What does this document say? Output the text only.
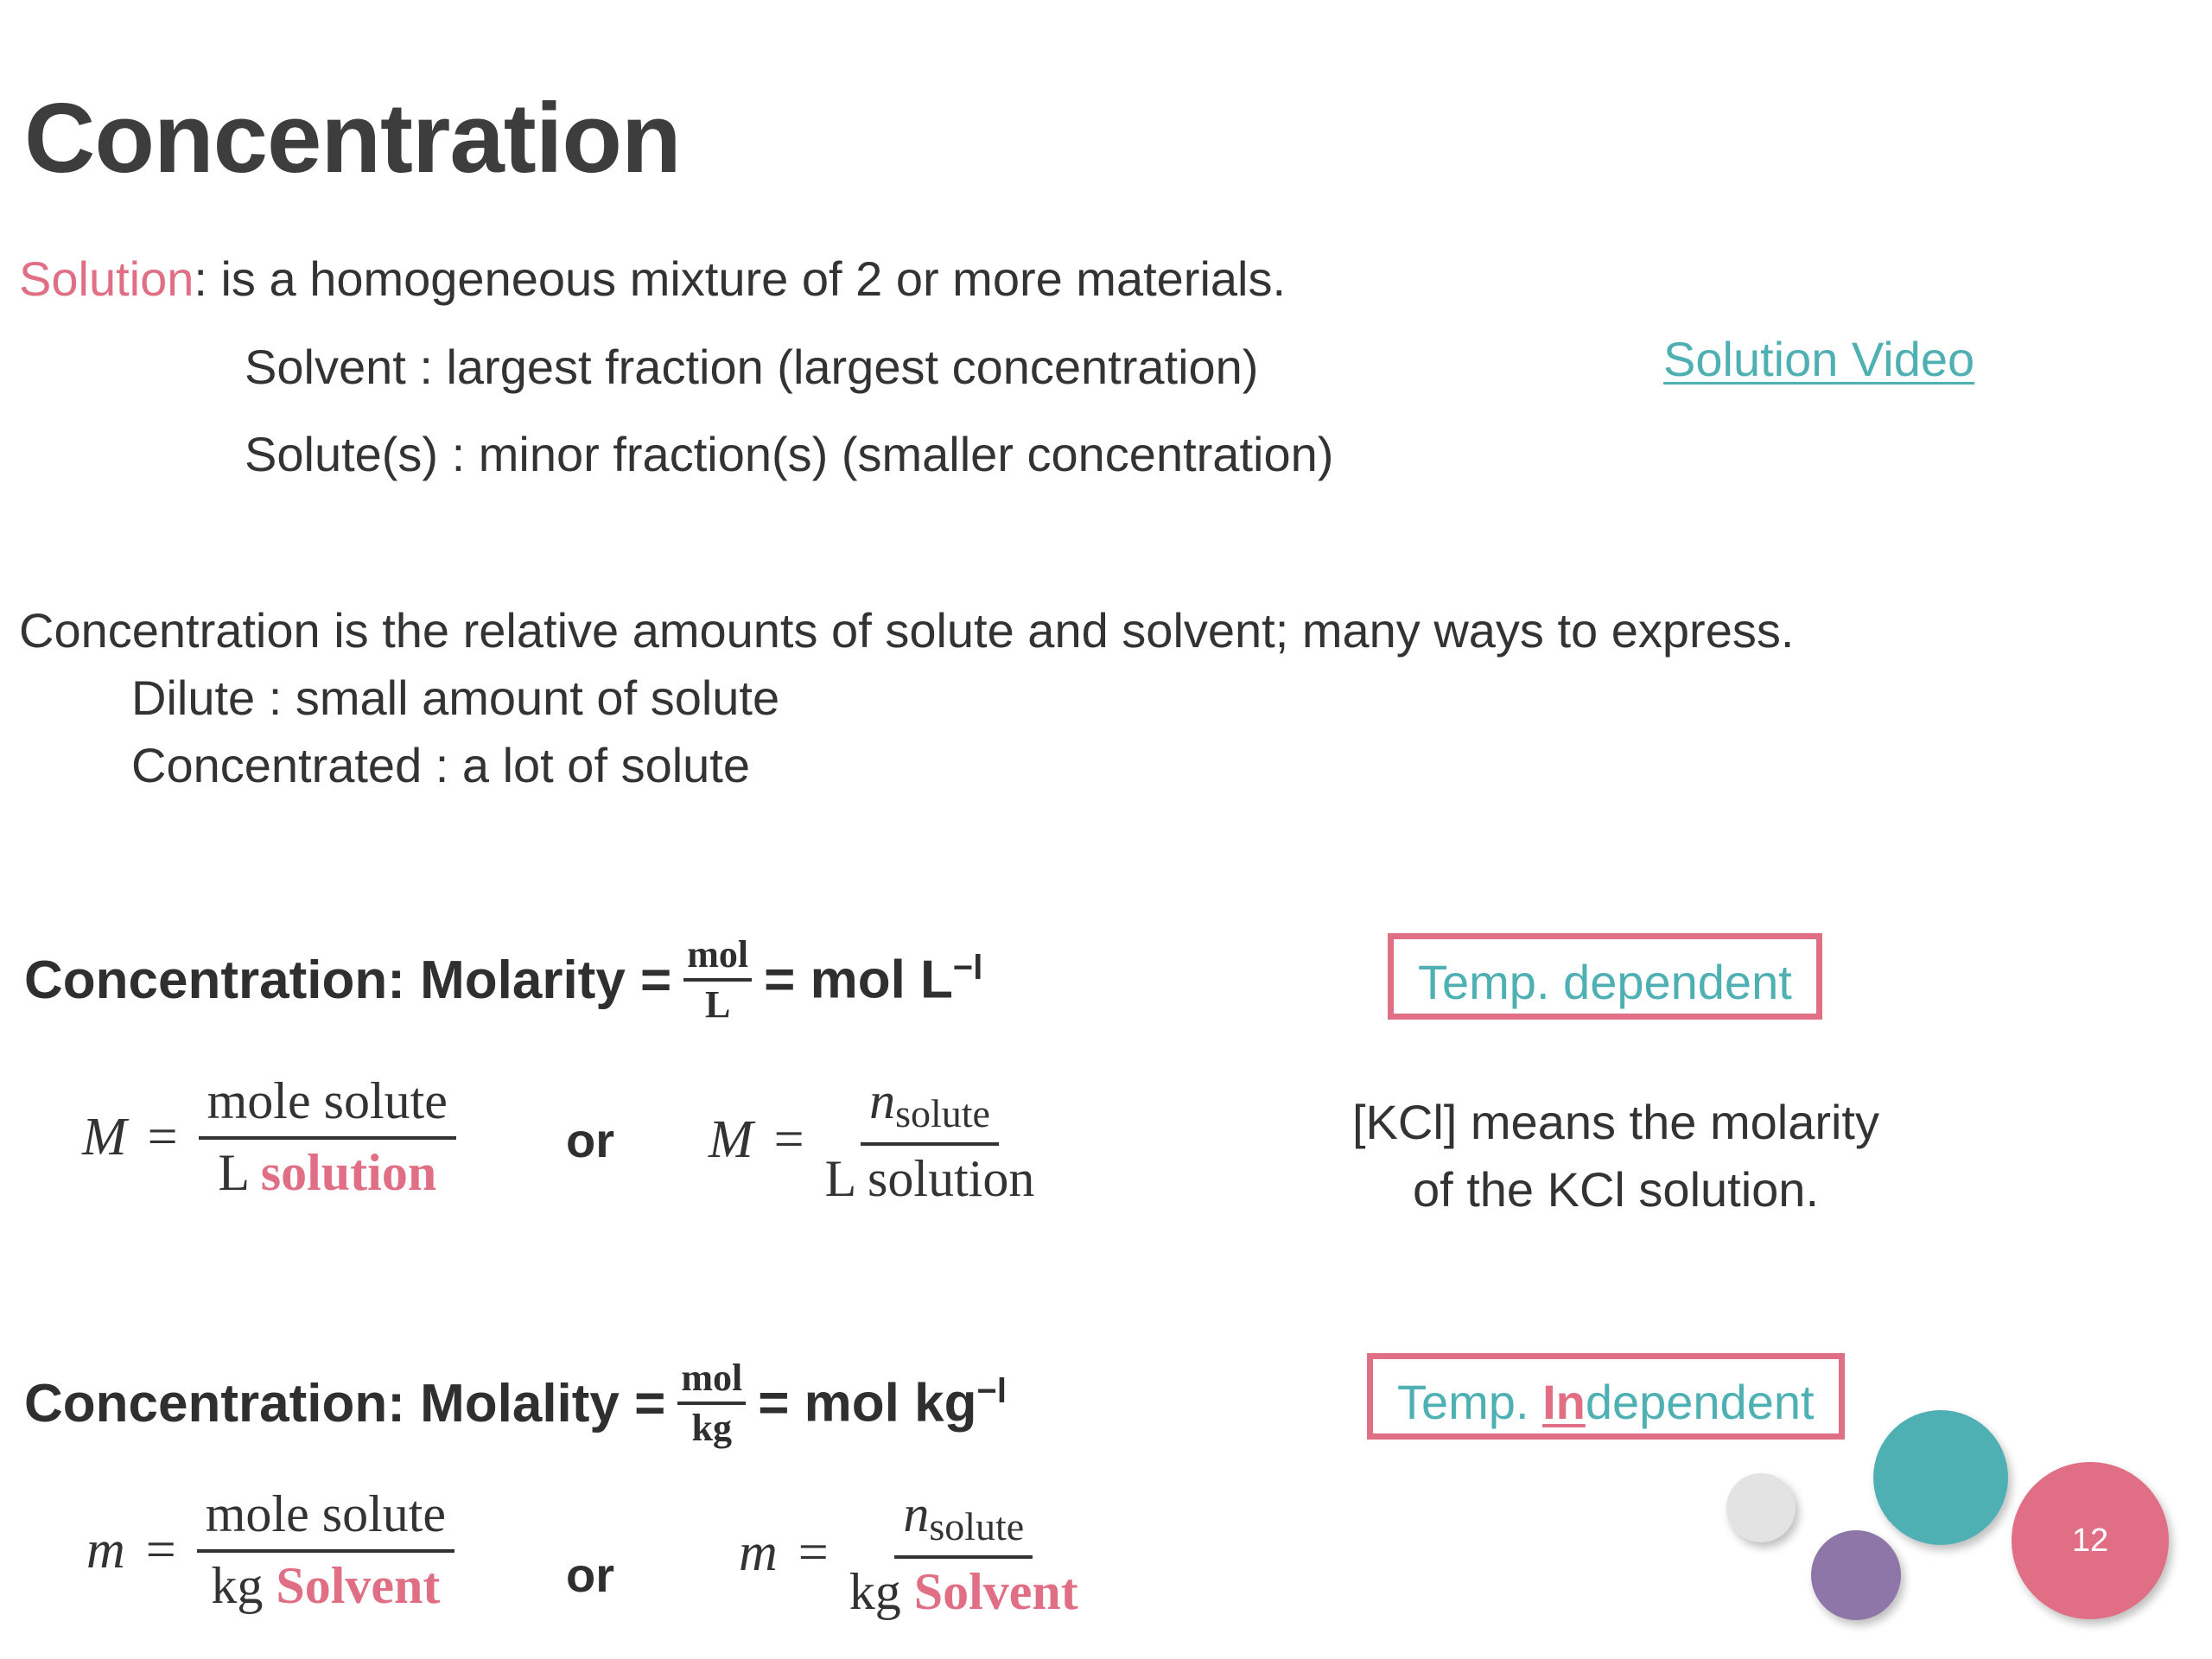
Concentration
Solution: is a homogeneous mixture of 2 or more materials.
Solvent : largest fraction (largest concentration)
Solute(s) : minor fraction(s) (smaller concentration)
Solution Video
Concentration is the relative amounts of solute and solvent; many ways to express.
Dilute : small amount of solute
Concentrated : a lot of solute
Concentration: Molarity = $\frac{\text{mol}}{L}$ = mol $L^{-l}$	Temp. dependent
$M = \frac{\text{mole solute}}{\text{L solution}}$ or $M = \frac{n_{solute}}{\text{L solution}}$	[KCl] means the molarity
of the KCl solution.
Concentration: Molality = $\frac{\text{mol}}{kg}$ = mol $kg^{-l}$	Temp. Independent
$m = \frac{\text{mole solute}}{\text{kg Solvent}}$ or $m = \frac{n_{solute}}{\text{kg Solvent}}$	12
